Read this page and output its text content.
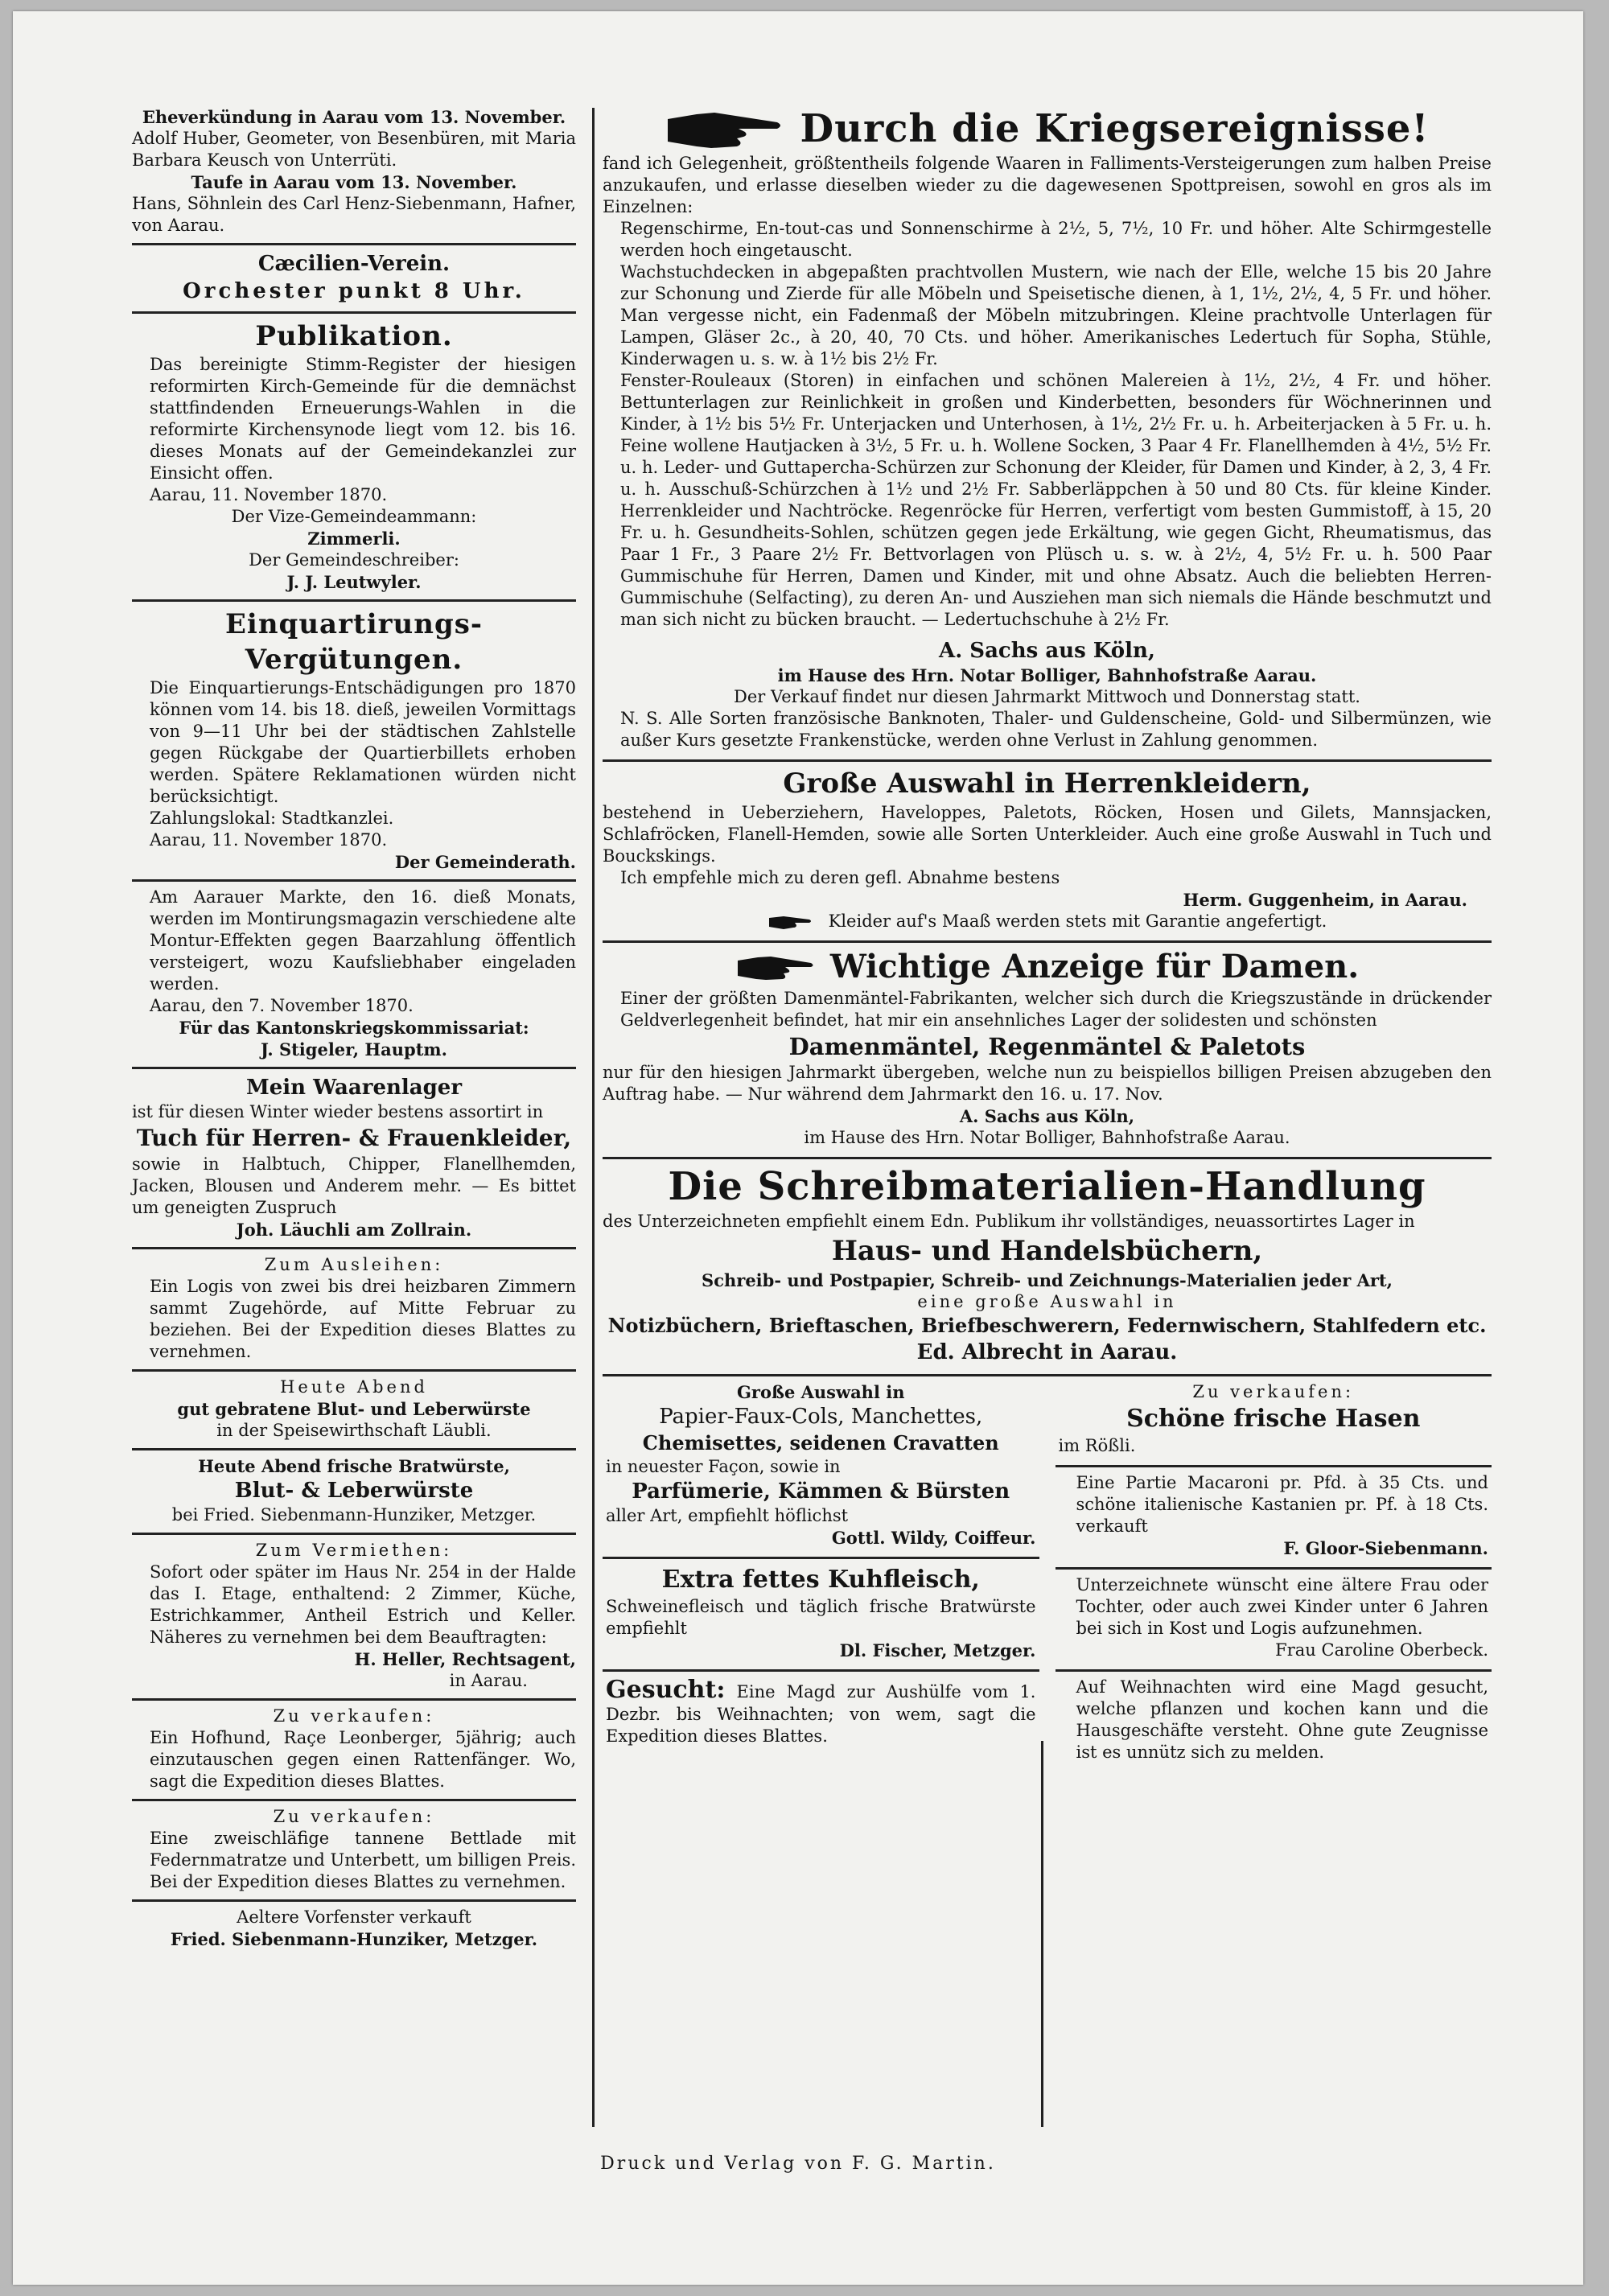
Eheverkündung in Aarau vom 13. November.

Adolf Huber, Geometer, von Besenbüren, mit Maria Barbara Keusch von Unterrüti.

Taufe in Aarau vom 13. November.

Hans, Söhnlein des Carl Henz-Siebenmann, Hafner, von Aarau.

Cæcilien-Verein.

Orchester punkt 8 Uhr.

Publikation.

Das bereinigte Stimm-Register der hiesigen reformirten Kirch-Gemeinde für die demnächst stattfindenden Erneuerungs-Wahlen in die reformirte Kirchensynode liegt vom 12. bis 16. dieses Monats auf der Gemeindekanzlei zur Einsicht offen.

Aarau, 11. November 1870.

Der Vize-Gemeindeammann:

Zimmerli.

Der Gemeindeschreiber:

J. J. Leutwyler.

Einquartirungs-Vergütungen.

Die Einquartierungs-Entschädigungen pro 1870 können vom 14. bis 18. dieß, jeweilen Vormittags von 9—11 Uhr bei der städtischen Zahlstelle gegen Rückgabe der Quartierbillets erhoben werden. Spätere Reklamationen würden nicht berücksichtigt.

Zahlungslokal: Stadtkanzlei.

Aarau, 11. November 1870.

Der Gemeinderath.

Am Aarauer Markte, den 16. dieß Monats, werden im Montirungsmagazin verschiedene alte Montur-Effekten gegen Baarzahlung öffentlich versteigert, wozu Kaufsliebhaber eingeladen werden.

Aarau, den 7. November 1870.

Für das Kantonskriegskommissariat:

J. Stigeler, Hauptm.

Mein Waarenlager

ist für diesen Winter wieder bestens assortirt in

Tuch für Herren- & Frauenkleider,

sowie in Halbtuch, Chipper, Flanellhemden, Jacken, Blousen und Anderem mehr. — Es bittet um geneigten Zuspruch

Joh. Läuchli am Zollrain.

Zum Ausleihen:

Ein Logis von zwei bis drei heizbaren Zimmern sammt Zugehörde, auf Mitte Februar zu beziehen. Bei der Expedition dieses Blattes zu vernehmen.

Heute Abend

gut gebratene Blut- und Leberwürste

in der Speisewirthschaft Läubli.

Heute Abend frische Bratwürste,

Blut- & Leberwürste

bei Fried. Siebenmann-Hunziker, Metzger.

Zum Vermiethen:

Sofort oder später im Haus Nr. 254 in der Halde das I. Etage, enthaltend: 2 Zimmer, Küche, Estrichkammer, Antheil Estrich und Keller. Näheres zu vernehmen bei dem Beauftragten:

H. Heller, Rechtsagent,

in Aarau.

Zu verkaufen:

Ein Hofhund, Raçe Leonberger, 5jährig; auch einzutauschen gegen einen Rattenfänger. Wo, sagt die Expedition dieses Blattes.

Zu verkaufen:

Eine zweischläfige tannene Bettlade mit Federnmatratze und Unterbett, um billigen Preis. Bei der Expedition dieses Blattes zu vernehmen.

Aeltere Vorfenster verkauft

Fried. Siebenmann-Hunziker, Metzger.

Durch die Kriegsereignisse!

fand ich Gelegenheit, größtentheils folgende Waaren in Falliments-Versteigerungen zum halben Preise anzukaufen, und erlasse dieselben wieder zu die dagewesenen Spottpreisen, sowohl en gros als im Einzelnen:

Regenschirme, En-tout-cas und Sonnenschirme à 2½, 5, 7½, 10 Fr. und höher. Alte Schirmgestelle werden hoch eingetauscht.

Wachstuchdecken in abgepaßten prachtvollen Mustern, wie nach der Elle, welche 15 bis 20 Jahre zur Schonung und Zierde für alle Möbeln und Speisetische dienen, à 1, 1½, 2½, 4, 5 Fr. und höher. Man vergesse nicht, ein Fadenmaß der Möbeln mitzubringen. Kleine prachtvolle Unterlagen für Lampen, Gläser 2c., à 20, 40, 70 Cts. und höher. Amerikanisches Ledertuch für Sopha, Stühle, Kinderwagen u. s. w. à 1½ bis 2½ Fr.

Fenster-Rouleaux (Storen) in einfachen und schönen Malereien à 1½, 2½, 4 Fr. und höher. Bettunterlagen zur Reinlichkeit in großen und Kinderbetten, besonders für Wöchnerinnen und Kinder, à 1½ bis 5½ Fr. Unterjacken und Unterhosen, à 1½, 2½ Fr. u. h. Arbeiterjacken à 5 Fr. u. h. Feine wollene Hautjacken à 3½, 5 Fr. u. h. Wollene Socken, 3 Paar 4 Fr. Flanellhemden à 4½, 5½ Fr. u. h. Leder- und Guttapercha-Schürzen zur Schonung der Kleider, für Damen und Kinder, à 2, 3, 4 Fr. u. h. Ausschuß-Schürzchen à 1½ und 2½ Fr. Sabberläppchen à 50 und 80 Cts. für kleine Kinder. Herrenkleider und Nachtröcke. Regenröcke für Herren, verfertigt vom besten Gummistoff, à 15, 20 Fr. u. h. Gesundheits-Sohlen, schützen gegen jede Erkältung, wie gegen Gicht, Rheumatismus, das Paar 1 Fr., 3 Paare 2½ Fr. Bettvorlagen von Plüsch u. s. w. à 2½, 4, 5½ Fr. u. h. 500 Paar Gummischuhe für Herren, Damen und Kinder, mit und ohne Absatz. Auch die beliebten Herren-Gummischuhe (Selfacting), zu deren An- und Ausziehen man sich niemals die Hände beschmutzt und man sich nicht zu bücken braucht. — Ledertuchschuhe à 2½ Fr.

A. Sachs aus Köln,

im Hause des Hrn. Notar Bolliger, Bahnhofstraße Aarau.

Der Verkauf findet nur diesen Jahrmarkt Mittwoch und Donnerstag statt.

N. S. Alle Sorten französische Banknoten, Thaler- und Guldenscheine, Gold- und Silbermünzen, wie außer Kurs gesetzte Frankenstücke, werden ohne Verlust in Zahlung genommen.

Große Auswahl in Herrenkleidern,

bestehend in Ueberziehern, Haveloppes, Paletots, Röcken, Hosen und Gilets, Mannsjacken, Schlafröcken, Flanell-Hemden, sowie alle Sorten Unterkleider. Auch eine große Auswahl in Tuch und Bouckskings.

Ich empfehle mich zu deren gefl. Abnahme bestens

Herm. Guggenheim, in Aarau.

Kleider auf's Maaß werden stets mit Garantie angefertigt.
Wichtige Anzeige für Damen.

Einer der größten Damenmäntel-Fabrikanten, welcher sich durch die Kriegszustände in drückender Geldverlegenheit befindet, hat mir ein ansehnliches Lager der solidesten und schönsten

Damenmäntel, Regenmäntel & Paletots

nur für den hiesigen Jahrmarkt übergeben, welche nun zu beispiellos billigen Preisen abzugeben den Auftrag habe. — Nur während dem Jahrmarkt den 16. u. 17. Nov.

A. Sachs aus Köln,

im Hause des Hrn. Notar Bolliger, Bahnhofstraße Aarau.

Die Schreibmaterialien-Handlung

des Unterzeichneten empfiehlt einem Edn. Publikum ihr vollständiges, neuassortirtes Lager in

Haus- und Handelsbüchern,

Schreib- und Postpapier, Schreib- und Zeichnungs-Materialien jeder Art,

eine große Auswahl in

Notizbüchern, Brieftaschen, Briefbeschwerern, Federnwischern, Stahlfedern etc.

Ed. Albrecht in Aarau.

Große Auswahl in

Papier-Faux-Cols, Manchettes,

Chemisettes, seidenen Cravatten

in neuester Façon, sowie in

Parfümerie, Kämmen & Bürsten

aller Art, empfiehlt höflichst

Gottl. Wildy, Coiffeur.

Extra fettes Kuhfleisch,

Schweinefleisch und täglich frische Bratwürste empfiehlt

Dl. Fischer, Metzger.

Gesucht: Eine Magd zur Aushülfe vom 1. Dezbr. bis Weihnachten; von wem, sagt die Expedition dieses Blattes.

Zu verkaufen:

Schöne frische Hasen

im Rößli.

Eine Partie Macaroni pr. Pfd. à 35 Cts. und schöne italienische Kastanien pr. Pf. à 18 Cts. verkauft

F. Gloor-Siebenmann.

Unterzeichnete wünscht eine ältere Frau oder Tochter, oder auch zwei Kinder unter 6 Jahren bei sich in Kost und Logis aufzunehmen.

Frau Caroline Oberbeck.

Auf Weihnachten wird eine Magd gesucht, welche pflanzen und kochen kann und die Hausgeschäfte versteht. Ohne gute Zeugnisse ist es unnütz sich zu melden.

Druck und Verlag von F. G. Martin.
